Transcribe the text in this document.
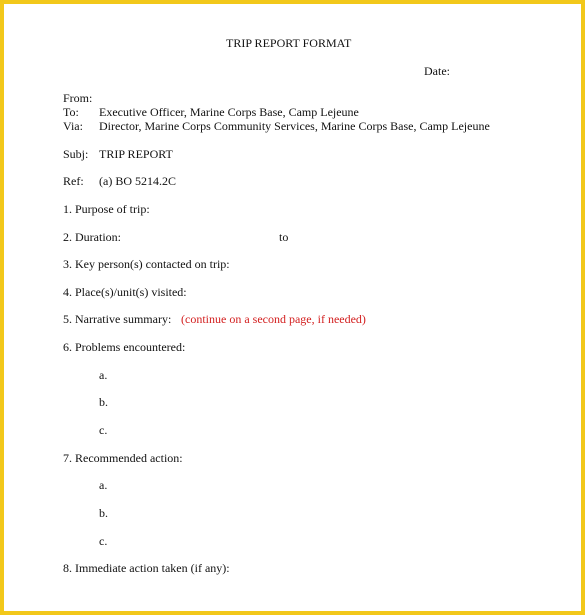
TRIP REPORT FORMAT
Date:
From:
To: Executive Officer, Marine Corps Base, Camp Lejeune
Via: Director, Marine Corps Community Services, Marine Corps Base, Camp Lejeune
Subj: TRIP REPORT
Ref: (a) BO 5214.2C
1. Purpose of trip:
2. Duration:	to
3. Key person(s) contacted on trip:
4. Place(s)/unit(s) visited:
5. Narrative summary: (continue on a second page, if needed)
6. Problems encountered:
a.
b.
c.
7. Recommended action:
a.
b.
c.
8. Immediate action taken (if any):
